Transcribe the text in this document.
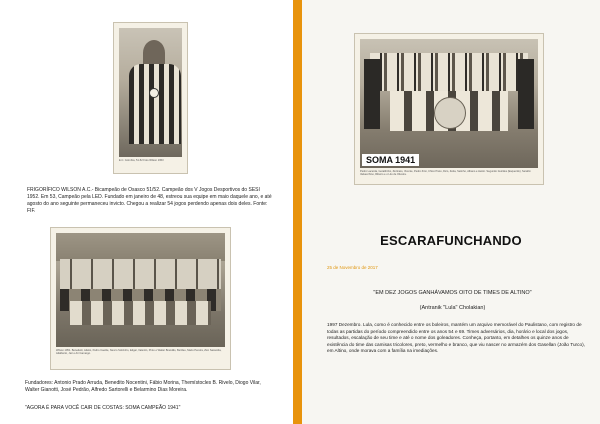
E.C. Coimbra, 51-52 Foto Wilson 1953
FRIGORÍFICO WILSON A.C.- Bicampeão de Osasco 51/52. Campeão dos V Jogos Desportivos do SESI 1952. Em 53, Campeão pela LED. Fundado em janeiro de 48, estreou sua equipe em maio daquele ano, e até agosto do ano seguinte permaneceu invicto. Chegou a realizar 54 jogos perdendo apenas dois deles. Fonte: FIF.
Wilson 1951. Benedetti, Adelio, Pedro Caetite, Nenco Sobrinho, Edgar, Valentin, Pinto e Walter Brandão, Bertileu, Mario Pereira, Zico Sacarolia, Adalberto, Jair e Ari Camargo.
Fundadores: Antonio Prado Arruda, Benedito Nocentini, Fábio Morina, Themístocles B. Rivelo, Diogo Vilar, Walter Gianotti, José Pedrão, Alfredo Sartorelli e Belarmino Dias Moreira.
"AGORA É PARA VOCÊ CAIR DE COSTAS: SOMA CAMPEÃO 1941"
SOMA 1941
Pedro Lacerda, Geraldinho, Zézinato, Vicente, Pedro Zinó, Chico Preto, Dico, Zetta, Setinho, Albano e Heitor. Segundo: Eurides (Esquerdo), Serafim Valsecchino, Ribeiro e o Lito de Oliveira.
ESCARAFUNCHANDO
25 de Novembro de 2017
"EM DEZ JOGOS GANHÁVAMOS OITO DE TIMES DE ALTINO"
(Antranik "Lula" Cholakian)
1997 Dezembro. Lula, como é conhecido entre os boleiros, mantém um arquivo memorável do Paulistano, com registro de todas as partidas do período compreendido entre os anos 54 e 69. Times adversários, dia, horário e local dos jogos, resultados, escalação de seu time e até o nome dos goleadores. Conheça, portanto, em detalhes os quinze anos de existência do time das camisas tricolores, preto, vermelho e branco, que viu nascer no armazém dos Gasellan (João Turco), em Altino, onde morava com a família na imediações.
